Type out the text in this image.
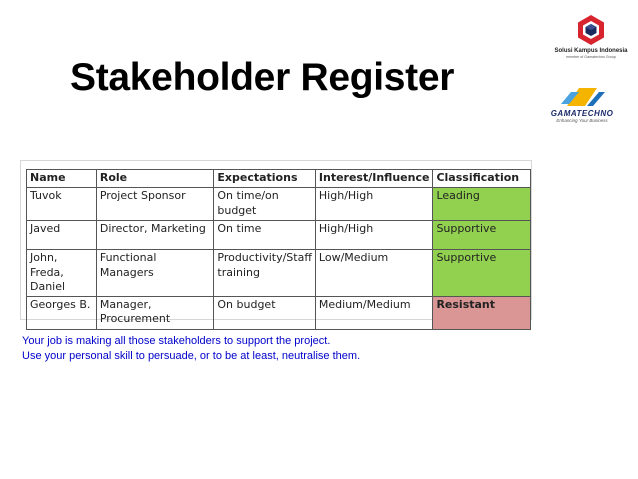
Stakeholder Register
Solusi Kampus Indonesia
member of Gamatechno Group
GAMATECHNO
Enhancing Your Business
Name	Role	Expectations	Interest/Influence	Classification
Tuvok	Project Sponsor	On time/on budget	High/High	Leading
Javed	Director, Marketing	On time	High/High	Supportive
John, Freda, Daniel	Functional Managers	Productivity/Staff training	Low/Medium	Supportive
Georges B.	Manager, Procurement	On budget	Medium/Medium	Resistant
Your job is making all those stakeholders to support the project.
Use your personal skill to persuade, or to be at least, neutralise them.
